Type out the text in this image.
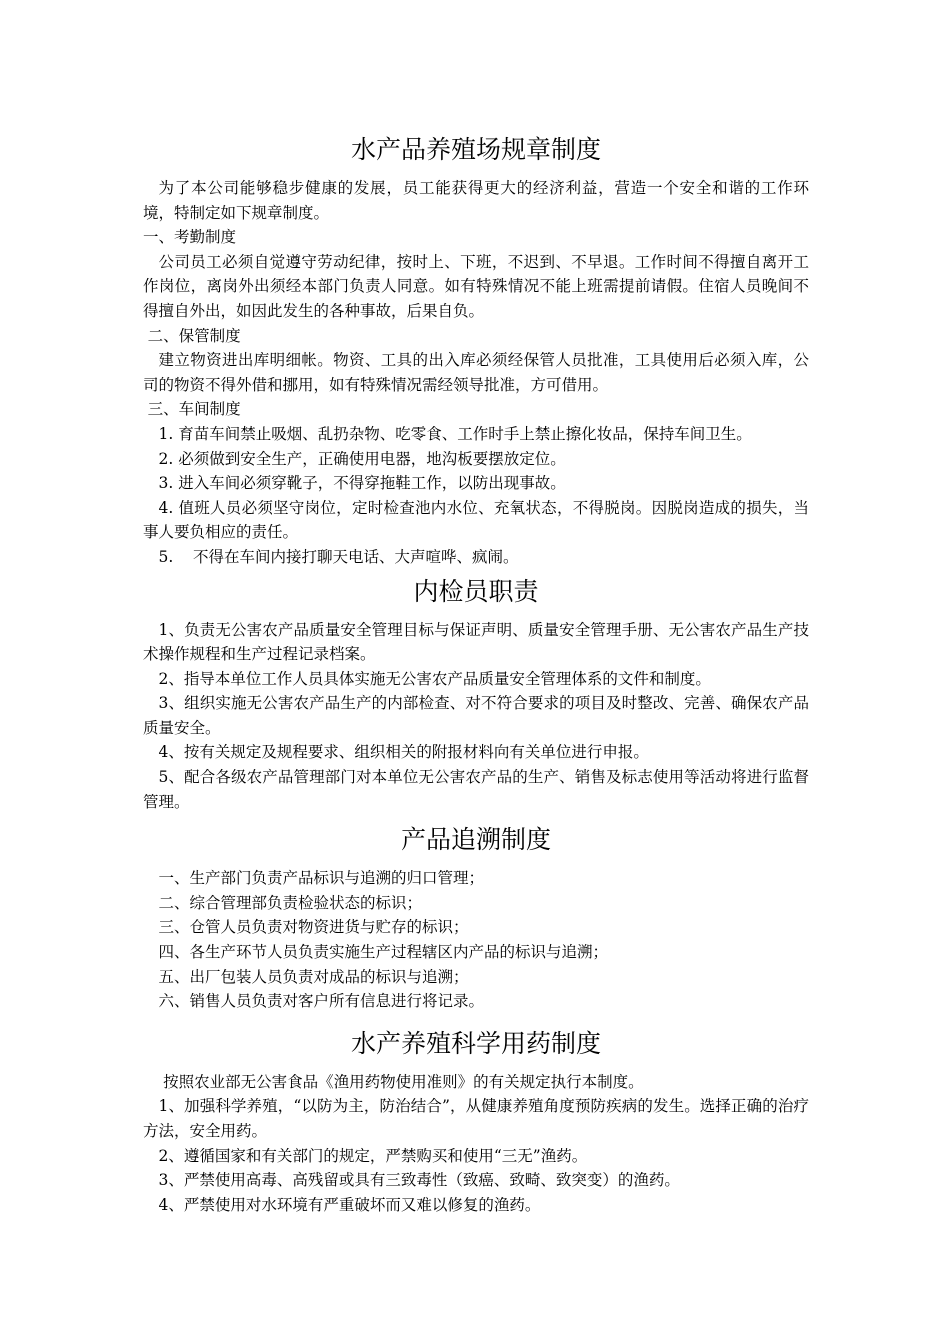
水产品养殖场规章制度

为了本公司能够稳步健康的发展，员工能获得更大的经济利益，营造一个安全和谐的工作环境，特制定如下规章制度。

一、考勤制度

公司员工必须自觉遵守劳动纪律，按时上、下班，不迟到、不早退。工作时间不得擅自离开工作岗位，离岗外出须经本部门负责人同意。如有特殊情况不能上班需提前请假。住宿人员晚间不得擅自外出，如因此发生的各种事故，后果自负。

二、保管制度

建立物资进出库明细帐。物资、工具的出入库必须经保管人员批准，工具使用后必须入库，公司的物资不得外借和挪用，如有特殊情况需经领导批准，方可借用。

三、车间制度

1. 育苗车间禁止吸烟、乱扔杂物、吃零食、工作时手上禁止擦化妆品，保持车间卫生。

2. 必须做到安全生产，正确使用电器，地沟板要摆放定位。

3. 进入车间必须穿靴子，不得穿拖鞋工作，以防出现事故。

4. 值班人员必须坚守岗位，定时检查池内水位、充氧状态，不得脱岗。因脱岗造成的损失，当事人要负相应的责任。

5.    不得在车间内接打聊天电话、大声喧哗、疯闹。

内检员职责

1、负责无公害农产品质量安全管理目标与保证声明、质量安全管理手册、无公害农产品生产技术操作规程和生产过程记录档案。

2、指导本单位工作人员具体实施无公害农产品质量安全管理体系的文件和制度。

3、组织实施无公害农产品生产的内部检查、对不符合要求的项目及时整改、完善、确保农产品质量安全。

4、按有关规定及规程要求、组织相关的附报材料向有关单位进行申报。

5、配合各级农产品管理部门对本单位无公害农产品的生产、销售及标志使用等活动将进行监督管理。

产品追溯制度

一、生产部门负责产品标识与追溯的归口管理；

二、综合管理部负责检验状态的标识；

三、仓管人员负责对物资进货与贮存的标识；

四、各生产环节人员负责实施生产过程辖区内产品的标识与追溯；

五、出厂包装人员负责对成品的标识与追溯；

六、销售人员负责对客户所有信息进行将记录。

水产养殖科学用药制度

按照农业部无公害食品《渔用药物使用准则》的有关规定执行本制度。

1、加强科学养殖，“以防为主，防治结合”，从健康养殖角度预防疾病的发生。选择正确的治疗方法，安全用药。

2、遵循国家和有关部门的规定，严禁购买和使用“三无”渔药。

3、严禁使用高毒、高残留或具有三致毒性（致癌、致畸、致突变）的渔药。

4、严禁使用对水环境有严重破坏而又难以修复的渔药。
